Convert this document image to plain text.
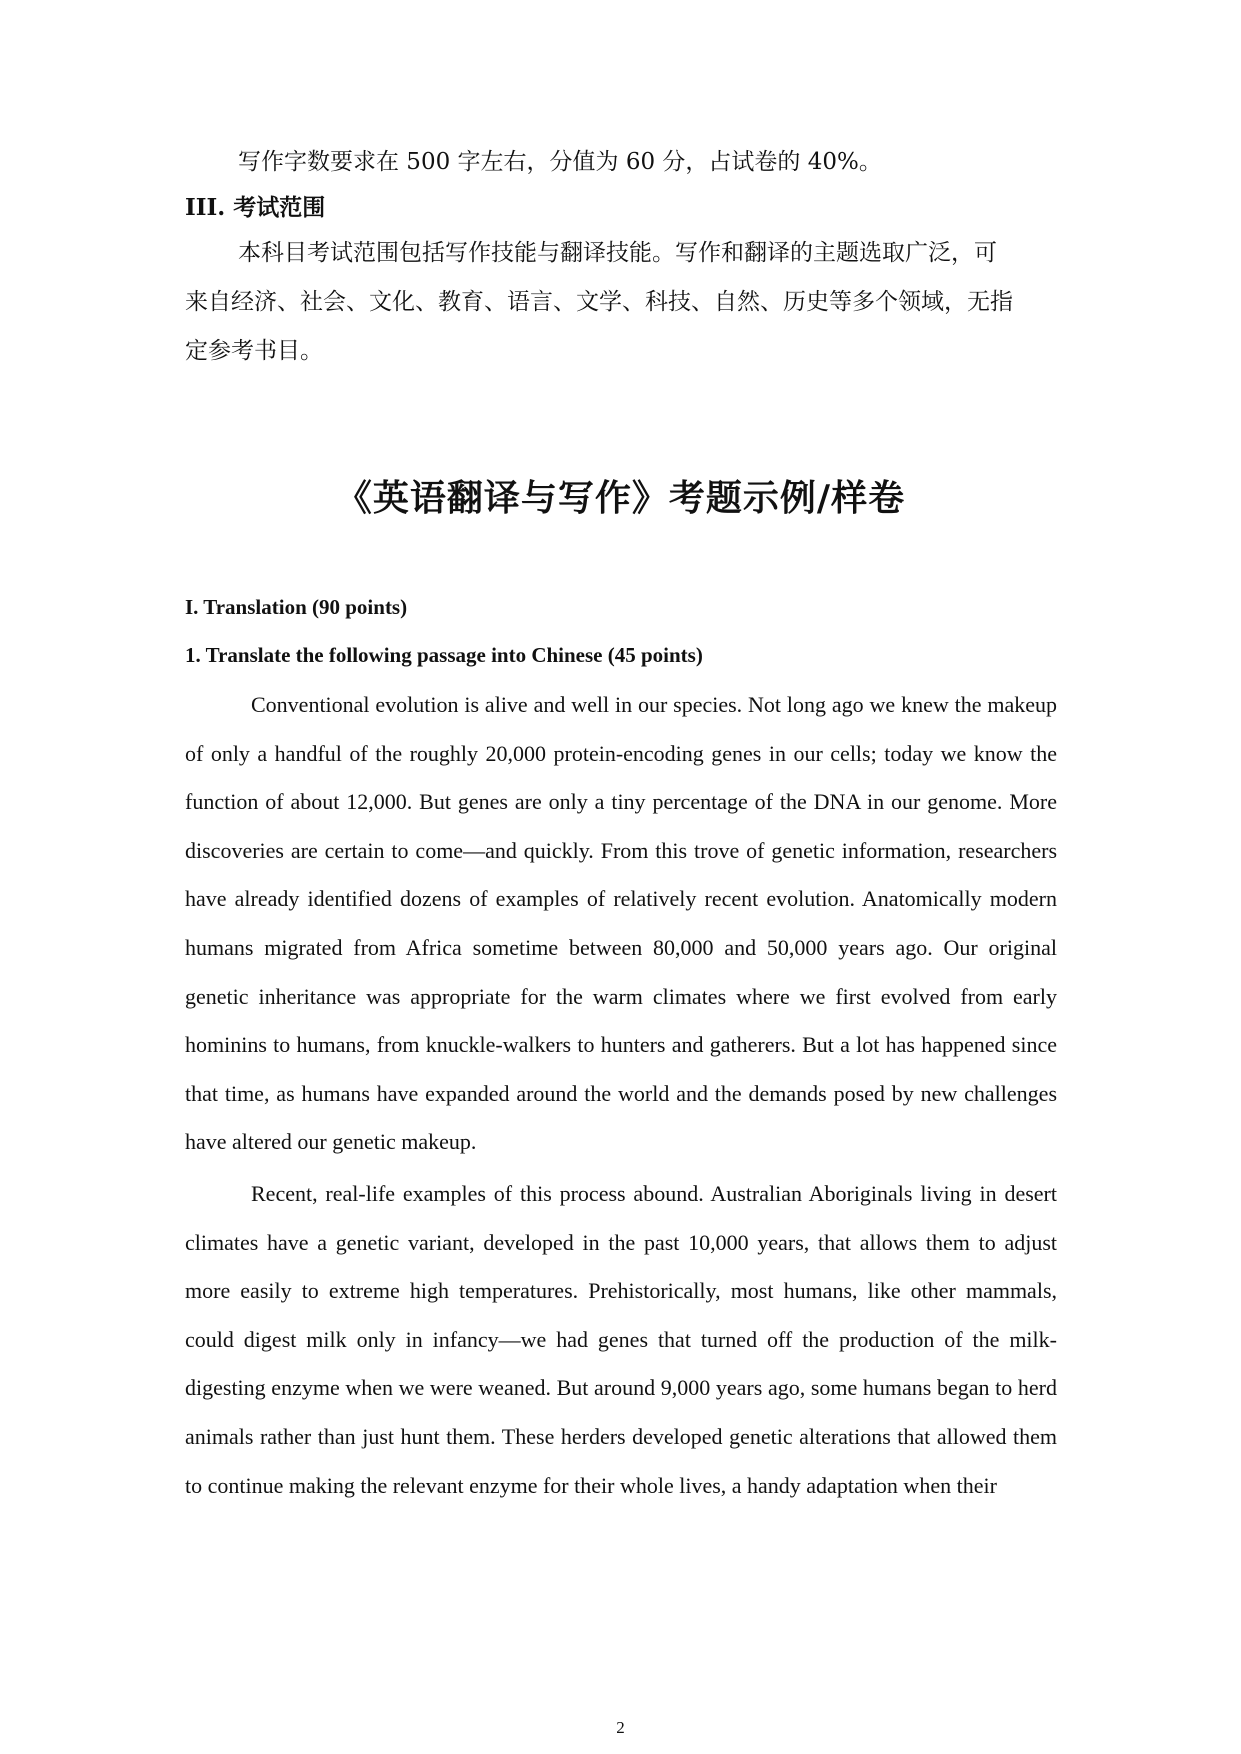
写作字数要求在 500 字左右，分值为 60 分，占试卷的 40%。
III. 考试范围
本科目考试范围包括写作技能与翻译技能。写作和翻译的主题选取广泛，可
来自经济、社会、文化、教育、语言、文学、科技、自然、历史等多个领域，无指
定参考书目。
《英语翻译与写作》考题示例/样卷
I. Translation (90 points)
1. Translate the following passage into Chinese (45 points)
Conventional evolution is alive and well in our species. Not long ago we knew the makeup of only a handful of the roughly 20,000 protein-encoding genes in our cells; today we know the function of about 12,000. But genes are only a tiny percentage of the DNA in our genome. More discoveries are certain to come—and quickly. From this trove of genetic information, researchers have already identified dozens of examples of relatively recent evolution. Anatomically modern humans migrated from Africa sometime between 80,000 and 50,000 years ago. Our original genetic inheritance was appropriate for the warm climates where we first evolved from early hominins to humans, from knuckle-walkers to hunters and gatherers. But a lot has happened since that time, as humans have expanded around the world and the demands posed by new challenges have altered our genetic makeup.
Recent, real-life examples of this process abound. Australian Aboriginals living in desert climates have a genetic variant, developed in the past 10,000 years, that allows them to adjust more easily to extreme high temperatures. Prehistorically, most humans, like other mammals, could digest milk only in infancy—we had genes that turned off the production of the milk-digesting enzyme when we were weaned. But around 9,000 years ago, some humans began to herd animals rather than just hunt them. These herders developed genetic alterations that allowed them to continue making the relevant enzyme for their whole lives, a handy adaptation when their
2
